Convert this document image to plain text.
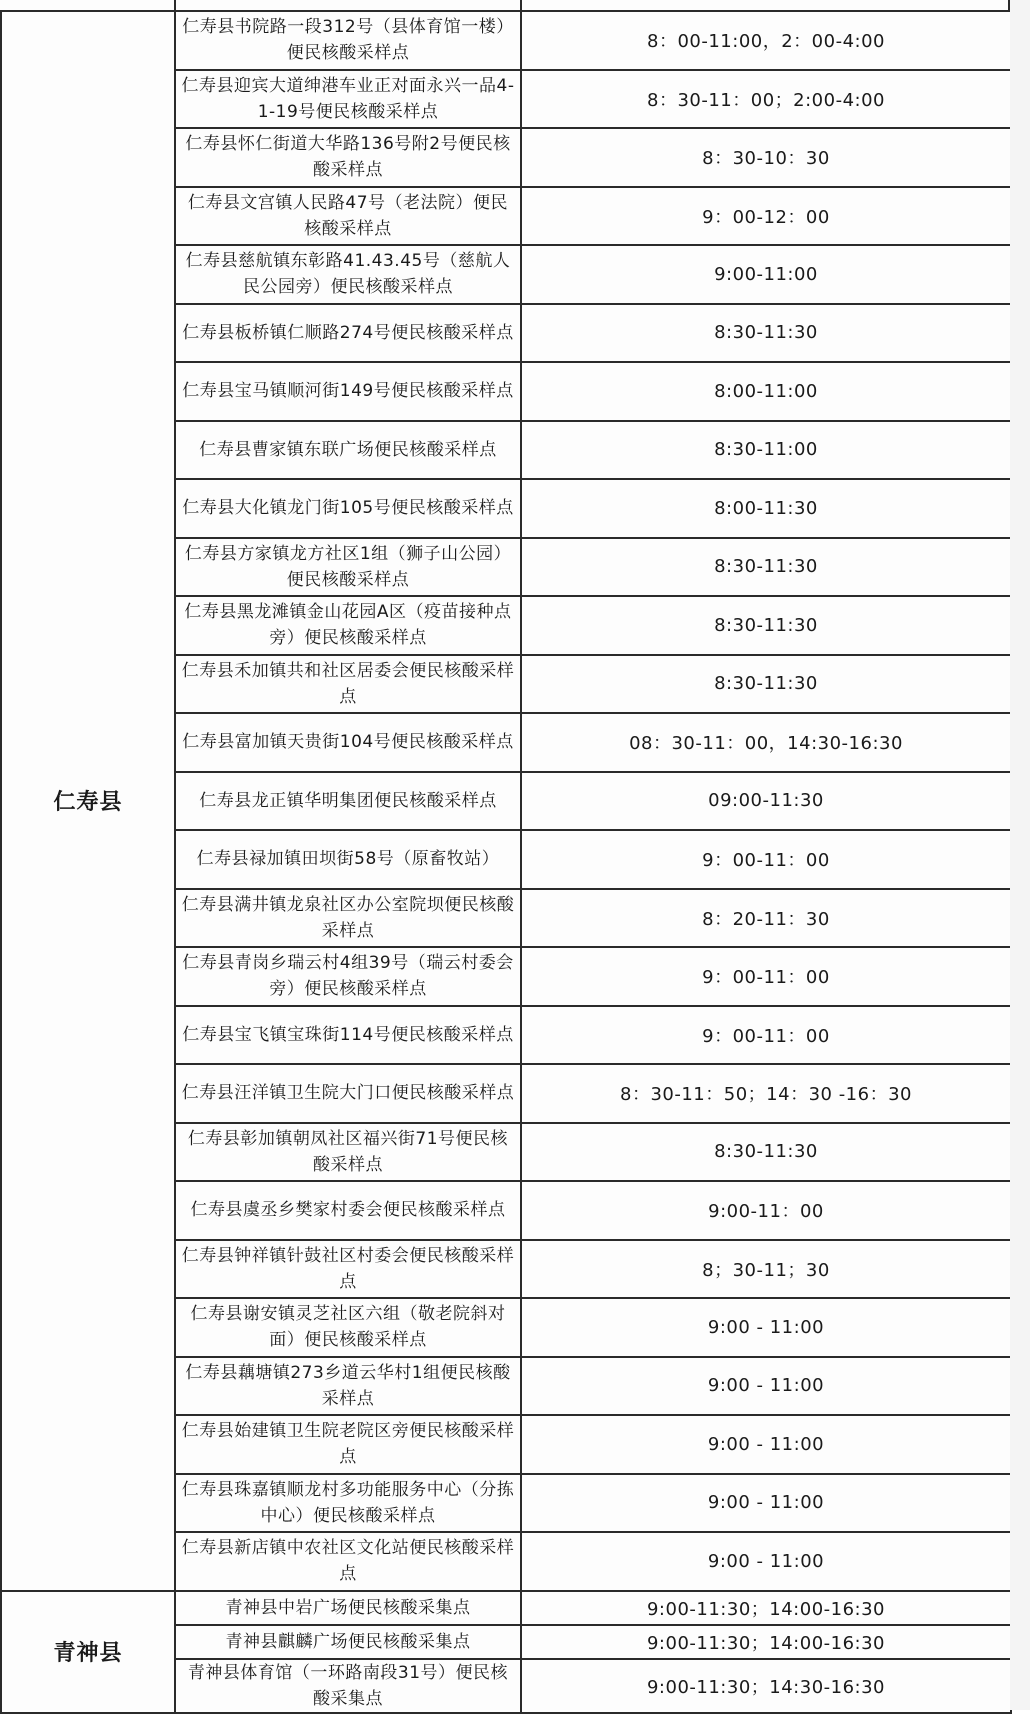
仁寿县	仁寿县书院路一段312号（县体育馆一楼）便民核酸采样点	8：00-11:00，2：00-4:00
	仁寿县迎宾大道绅港车业正对面永兴一品4-1-19号便民核酸采样点	8：30-11：00；2:00-4:00
	仁寿县怀仁街道大华路136号附2号便民核酸采样点	8：30-10：30
	仁寿县文宫镇人民路47号（老法院）便民核酸采样点	9：00-12：00
	仁寿县慈航镇东彰路41.43.45号（慈航人民公园旁）便民核酸采样点	9:00-11:00
	仁寿县板桥镇仁顺路274号便民核酸采样点	8:30-11:30
	仁寿县宝马镇顺河街149号便民核酸采样点	8:00-11:00
	仁寿县曹家镇东联广场便民核酸采样点	8:30-11:00
	仁寿县大化镇龙门街105号便民核酸采样点	8:00-11:30
	仁寿县方家镇龙方社区1组（狮子山公园）便民核酸采样点	8:30-11:30
	仁寿县黑龙滩镇金山花园A区（疫苗接种点旁）便民核酸采样点	8:30-11:30
	仁寿县禾加镇共和社区居委会便民核酸采样点	8:30-11:30
	仁寿县富加镇天贵街104号便民核酸采样点	08：30-11：00，14:30-16:30
	仁寿县龙正镇华明集团便民核酸采样点	09:00-11:30
	仁寿县禄加镇田坝街58号（原畜牧站）	9：00-11：00
	仁寿县满井镇龙泉社区办公室院坝便民核酸采样点	8：20-11：30
	仁寿县青岗乡瑞云村4组39号（瑞云村委会旁）便民核酸采样点	9：00-11：00
	仁寿县宝飞镇宝珠街114号便民核酸采样点	9：00-11：00
	仁寿县汪洋镇卫生院大门口便民核酸采样点	8：30-11：50；14：30 -16：30
	仁寿县彰加镇朝凤社区福兴街71号便民核酸采样点	8:30-11:30
	仁寿县虞丞乡樊家村委会便民核酸采样点	9:00-11：00
	仁寿县钟祥镇针鼓社区村委会便民核酸采样点	8；30-11；30
	仁寿县谢安镇灵芝社区六组（敬老院斜对面）便民核酸采样点	9:00 - 11:00
	仁寿县藕塘镇273乡道云华村1组便民核酸采样点	9:00 - 11:00
	仁寿县始建镇卫生院老院区旁便民核酸采样点	9:00 - 11:00
	仁寿县珠嘉镇顺龙村多功能服务中心（分拣中心）便民核酸采样点	9:00 - 11:00
	仁寿县新店镇中农社区文化站便民核酸采样点	9:00 - 11:00
青神县	青神县中岩广场便民核酸采集点	9:00-11:30；14:00-16:30
	青神县麒麟广场便民核酸采集点	9:00-11:30；14:00-16:30
	青神县体育馆（一环路南段31号）便民核酸采集点	9:00-11:30；14:30-16:30
